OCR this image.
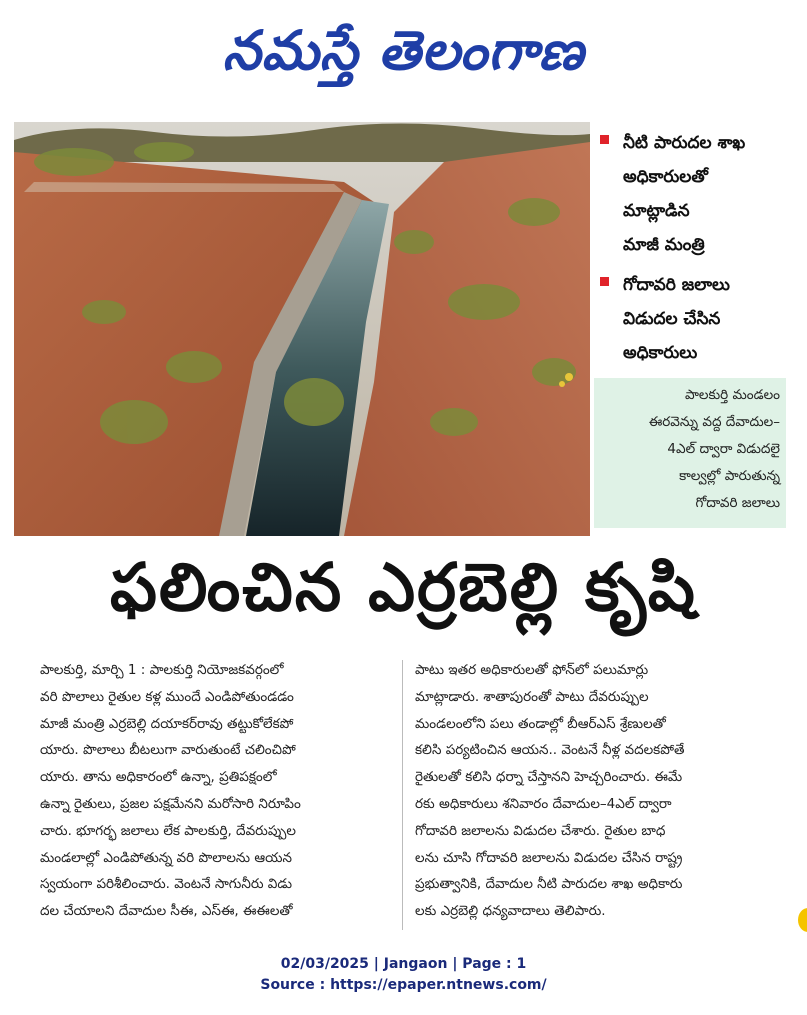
నమస్తే తెలంగాణ
నీటి పారుదల శాఖ
అధికారులతో
మాట్లాడిన
మాజీ మంత్రి
గోదావరి జలాలు
విడుదల చేసిన
అధికారులు
పాలకుర్తి మండలం
ఈరవెన్ను వద్ద దేవాదుల–
4ఎల్ ద్వారా విడుదలై
కాల్వల్లో పారుతున్న
గోదావరి జలాలు
ఫలించిన ఎర్రబెల్లి కృషి

పాలకుర్తి, మార్చి 1 : పాలకుర్తి నియోజకవర్గంలో

వరి పొలాలు రైతుల కళ్ల ముందే ఎండిపోతుండడం

మాజీ మంత్రి ఎర్రబెల్లి దయాకర్‌రావు తట్టుకోలేకపో

యారు. పొలాలు బీటలుగా వారుతుంటే చలించిపో

యారు. తాను అధికారంలో ఉన్నా, ప్రతిపక్షంలో

ఉన్నా రైతులు, ప్రజల పక్షమేనని మరోసారి నిరూపిం

చారు. భూగర్భ జలాలు లేక పాలకుర్తి, దేవరుప్పుల

మండలాల్లో ఎండిపోతున్న వరి పొలాలను ఆయన

స్వయంగా పరిశీలించారు. వెంటనే సాగునీరు విడు

దల చేయాలని దేవాదుల సీఈ, ఎస్‌ఈ, ఈఈలతో

పాటు ఇతర అధికారులతో ఫోన్‌లో పలుమార్లు

మాట్లాడారు. శాతాపురంతో పాటు దేవరుప్పుల

మండలంలోని పలు తండాల్లో బీఆర్‌ఎస్ శ్రేణులతో

కలిసి పర్యటించిన ఆయన.. వెంటనే నీళ్ల వదలకపోతే

రైతులతో కలిసి ధర్నా చేస్తానని హెచ్చరించారు. ఈమే

రకు అధికారులు శనివారం దేవాదుల–4ఎల్ ద్వారా

గోదావరి జలాలను విడుదల చేశారు. రైతుల బాధ

లను చూసి గోదావరి జలాలను విడుదల చేసిన రాష్ట్ర

ప్రభుత్వానికి, దేవాదుల నీటి పారుదల శాఖ అధికారు

లకు ఎర్రబెల్లి ధన్యవాదాలు తెలిపారు.

02/03/2025 | Jangaon | Page : 1
Source : https://epaper.ntnews.com/
